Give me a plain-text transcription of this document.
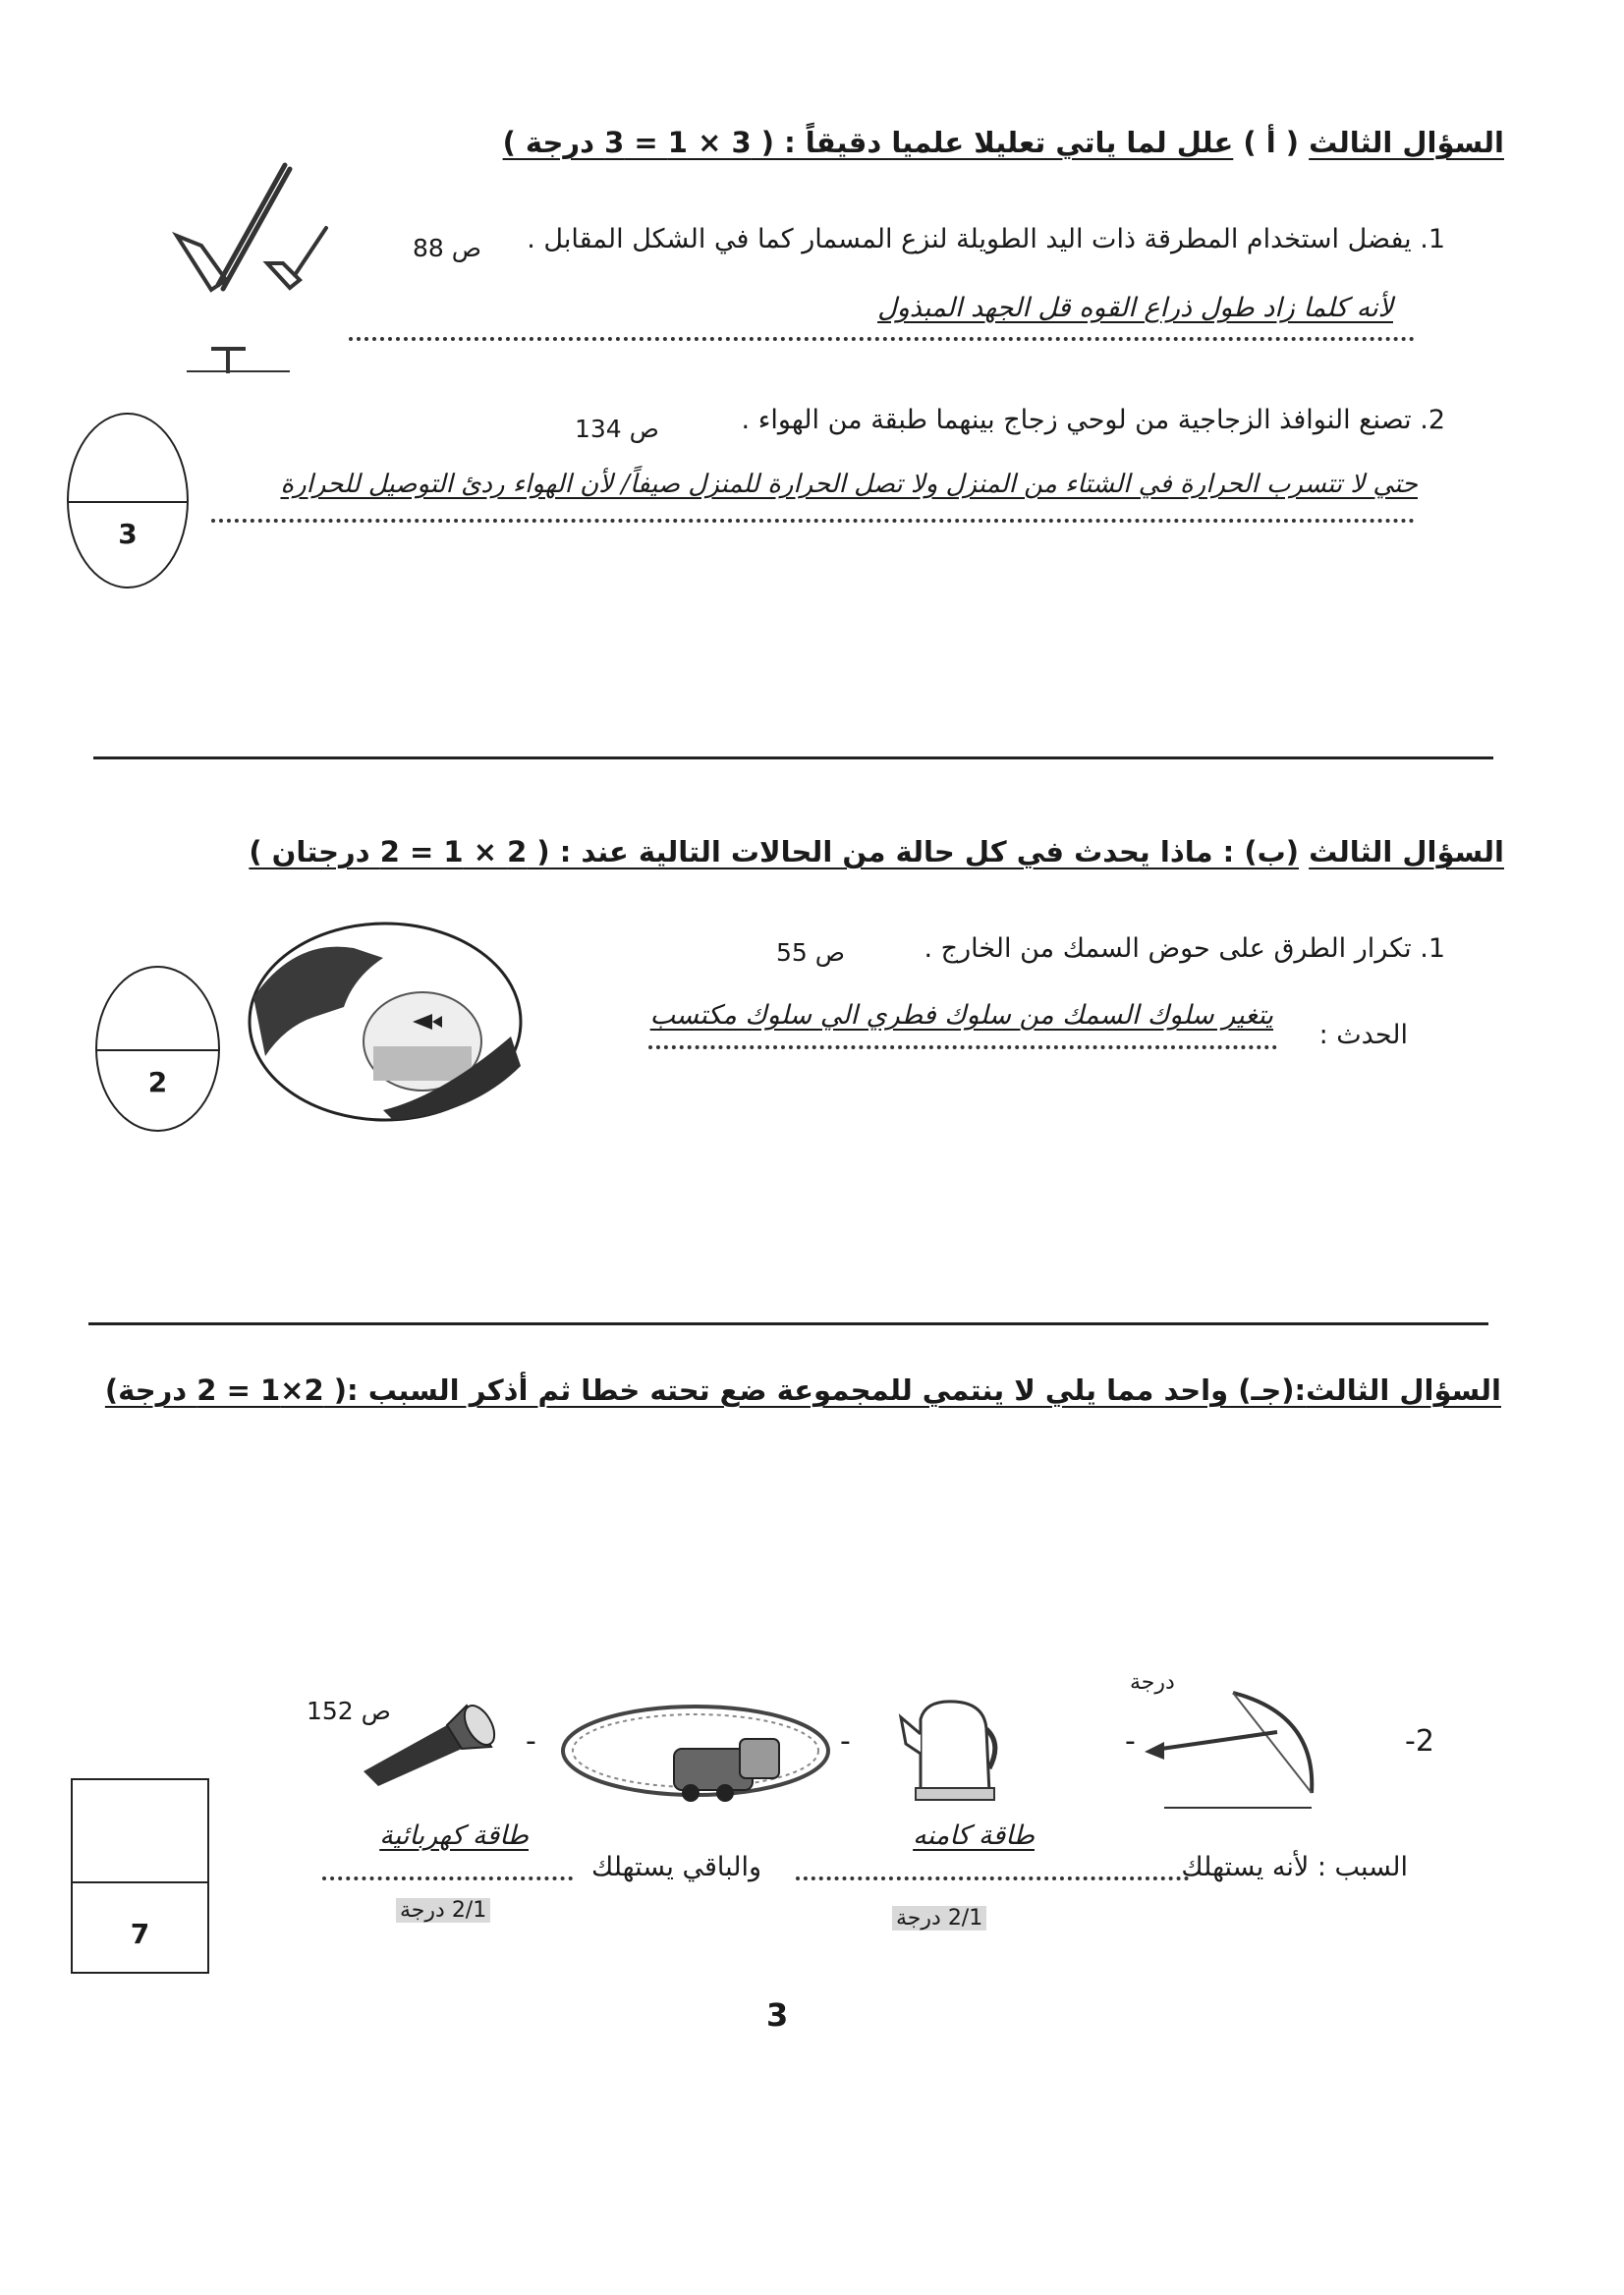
السؤال الثالث ( أ ) علل لما ياتي تعليلا علميا دقيقاً : ( 3 × 1 = 3 درجة )
1. يفضل استخدام المطرقة ذات اليد الطويلة لنزع المسمار كما في الشكل المقابل .
ص 88
لأنه كلما زاد طول ذراع القوه قل الجهد المبذول
2. تصنع النوافذ الزجاجية من لوحي زجاج بينهما طبقة من الهواء .
ص 134
حتي لا تتسرب الحرارة في الشتاء من المنزل ولا تصل الحرارة للمنزل صيفاً/ لأن الهواء ردئ التوصيل للحرارة
3
السؤال الثالث (ب) : ماذا يحدث في كل حالة من الحالات التالية عند : ( 2 × 1 = 2 درجتان )
1. تكرار الطرق على حوض السمك من الخارج .
ص 55
الحدث :
يتغير سلوك السمك من سلوك فطري الي سلوك مكتسب
2
السؤال الثالث:(جـ) واحد مما يلي لا ينتمي للمجموعة ضع تحته خطا ثم أذكر السبب :( 2×1 = 2 درجة)
-2
درجة
-
-
-
ص 152
السبب : لأنه يستهلك
طاقة كامنه
والباقي يستهلك
طاقة كهربائية
2/1 درجة
2/1 درجة
7
3
